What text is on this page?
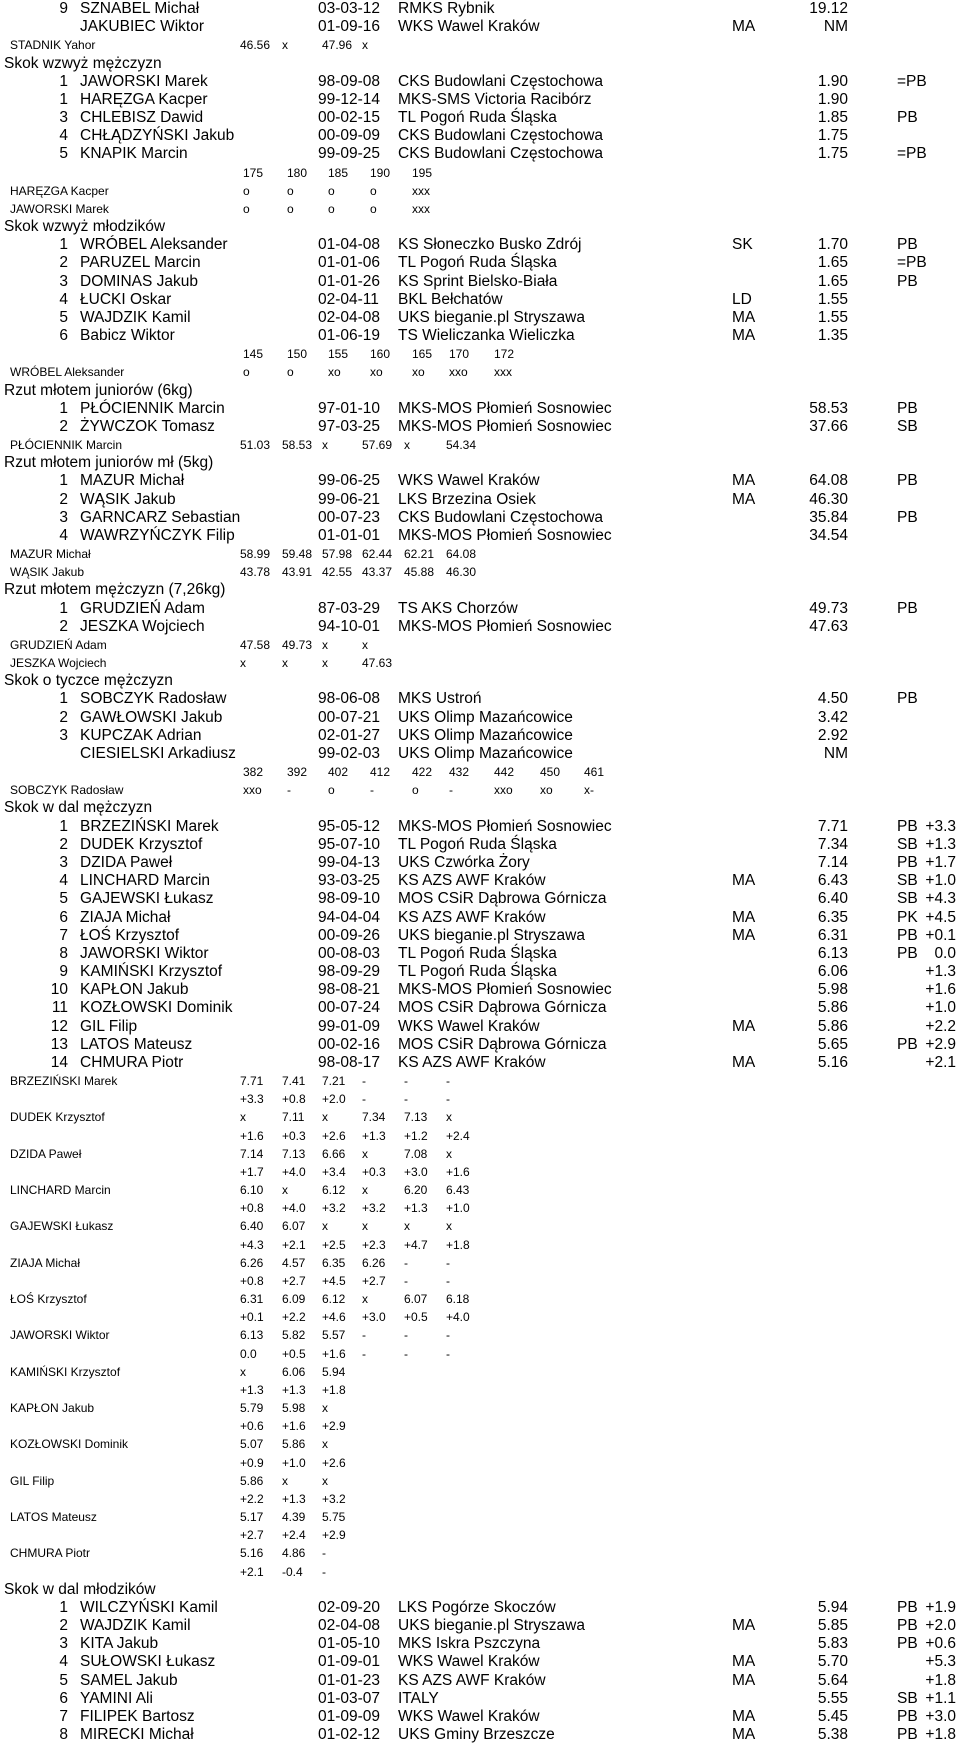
9 SZNABEL Michał	03-03-12 RMKS Rybnik	19.12
JAKUBIEC Wiktor	01-09-16 WKS Wawel Kraków	MA	NM
STADNIK Yahor	46.56 x	47.96 x
Skok wzwyż mężczyzn
1 JAWORSKI Marek	98-09-08 CKS Budowlani Częstochowa	1.90	=PB
1 HARĘZGA Kacper	99-12-14 MKS-SMS Victoria Racibórz	1.90
3 CHLEBISZ Dawid	00-02-15 TL Pogoń Ruda Śląska	1.85	PB
4 CHŁĄDZYŃSKI Jakub	00-09-09 CKS Budowlani Częstochowa	1.75
5 KNAPIK Marcin	99-09-25 CKS Budowlani Częstochowa	1.75	=PB
175 180 185 190 195
HARĘZGA Kacper	o	o	o	o	xxx
JAWORSKI Marek	o	o	o	o	xxx
Skok wzwyż młodzików
1 WRÓBEL Aleksander	01-04-08 KS Słoneczko Busko Zdrój	SK	1.70	PB
2 PARUZEL Marcin	01-01-06 TL Pogoń Ruda Śląska	1.65	=PB
3 DOMINAS Jakub	01-01-26 KS Sprint Bielsko-Biała	1.65	PB
4 ŁUCKI Oskar	02-04-11 BKL Bełchatów	LD	1.55
5 WAJDZIK Kamil	02-04-08 UKS bieganie.pl Stryszawa	MA	1.55
6 Babicz Wiktor	01-06-19 TS Wieliczanka Wieliczka	MA	1.35
145 150 155 160 165 170 172
WRÓBEL Aleksander	o	o	xo xo xo xxo xxx
Rzut młotem juniorów (6kg)
1 PŁÓCIENNIK Marcin	97-01-10 MKS-MOS Płomień Sosnowiec	58.53	PB
2 ŻYWCZOK Tomasz	97-03-25 MKS-MOS Płomień Sosnowiec	37.66	SB
PŁÓCIENNIK Marcin	51.03 58.53 x	57.69 x	54.34
Rzut młotem juniorów mł (5kg)
1 MAZUR Michał	99-06-25 WKS Wawel Kraków	MA	64.08	PB
2 WĄSIK Jakub	99-06-21 LKS Brzezina Osiek	MA	46.30
3 GARNCARZ Sebastian	00-07-23 CKS Budowlani Częstochowa	35.84	PB
4 WAWRZYŃCZYK Filip	01-01-01 MKS-MOS Płomień Sosnowiec	34.54
MAZUR Michał	58.99 59.48 57.98 62.44 62.21 64.08
WĄSIK Jakub	43.78 43.91 42.55 43.37 45.88 46.30
Rzut młotem mężczyzn (7,26kg)
1 GRUDZIEŃ Adam	87-03-29 TS AKS Chorzów	49.73	PB
2 JESZKA Wojciech	94-10-01 MKS-MOS Płomień Sosnowiec	47.63
GRUDZIEŃ Adam	47.58 49.73 x	x
JESZKA Wojciech	x	x	x	47.63
Skok o tyczce mężczyzn
1 SOBCZYK Radosław	98-06-08 MKS Ustroń	4.50	PB
2 GAWŁOWSKI Jakub	00-07-21 UKS Olimp Mazańcowice	3.42
3 KUPCZAK Adrian	02-01-27 UKS Olimp Mazańcowice	2.92
CIESIELSKI Arkadiusz	99-02-03 UKS Olimp Mazańcowice	NM
382 392 402 412 422 432 442 450 461
SOBCZYK Radosław	xxo -	o	-	o	-	xxo xo	x-
Skok w dal mężczyzn
1 BRZEZIŃSKI Marek	95-05-12 MKS-MOS Płomień Sosnowiec	7.71	PB +3.3
2 DUDEK Krzysztof	95-07-10 TL Pogoń Ruda Śląska	7.34	SB +1.3
3 DZIDA Paweł	99-04-13 UKS Czwórka Żory	7.14	PB +1.7
4 LINCHARD Marcin	93-03-25 KS AZS AWF Kraków	MA	6.43	SB +1.0
5 GAJEWSKI Łukasz	98-09-10 MOS CSiR Dąbrowa Górnicza	6.40	SB +4.3
6 ZIAJA Michał	94-04-04 KS AZS AWF Kraków	MA	6.35	PK +4.5
7 ŁOŚ Krzysztof	00-09-26 UKS bieganie.pl Stryszawa	MA	6.31	PB +0.1
8 JAWORSKI Wiktor	00-08-03 TL Pogoń Ruda Śląska	6.13	PB	0.0
9 KAMIŃSKI Krzysztof	98-09-29 TL Pogoń Ruda Śląska	6.06	+1.3
10 KAPŁON Jakub	98-08-21 MKS-MOS Płomień Sosnowiec	5.98	+1.6
11 KOZŁOWSKI Dominik	00-07-24 MOS CSiR Dąbrowa Górnicza	5.86	+1.0
12 GIL Filip	99-01-09 WKS Wawel Kraków	MA	5.86	+2.2
13 LATOS Mateusz	00-02-16 MOS CSiR Dąbrowa Górnicza	5.65	PB +2.9
14 CHMURA Piotr	98-08-17 KS AZS AWF Kraków	MA	5.16	+2.1
BRZEZIŃSKI Marek	7.71 7.41 7.21 -	-	-
+3.3 +0.8 +2.0 -	-	-
DUDEK Krzysztof	x	7.11 x	7.34 7.13 x
+1.6 +0.3 +2.6 +1.3 +1.2 +2.4
DZIDA Paweł	7.14 7.13 6.66 x	7.08 x
+1.7 +4.0 +3.4 +0.3 +3.0 +1.6
LINCHARD Marcin	6.10 x	6.12 x	6.20 6.43
+0.8 +4.0 +3.2 +3.2 +1.3 +1.0
GAJEWSKI Łukasz	6.40 6.07 x	x	x	x
+4.3 +2.1 +2.5 +2.3 +4.7 +1.8
ZIAJA Michał	6.26 4.57 6.35 6.26 -	-
+0.8 +2.7 +4.5 +2.7 -	-
ŁOŚ Krzysztof	6.31 6.09 6.12 x	6.07 6.18
+0.1 +2.2 +4.6 +3.0 +0.5 +4.0
JAWORSKI Wiktor	6.13 5.82 5.57 -	-	-
0.0 +0.5 +1.6 -	-	-
KAMIŃSKI Krzysztof	x	6.06 5.94
+1.3 +1.3 +1.8
KAPŁON Jakub	5.79 5.98 x
+0.6 +1.6 +2.9
KOZŁOWSKI Dominik	5.07 5.86 x
+0.9 +1.0 +2.6
GIL Filip	5.86 x	x
+2.2 +1.3 +3.2
LATOS Mateusz	5.17 4.39 5.75
+2.7 +2.4 +2.9
CHMURA Piotr	5.16 4.86 -
+2.1 -0.4 -
Skok w dal młodzików
1 WILCZYŃSKI Kamil	02-09-20 LKS Pogórze Skoczów	5.94	PB +1.9
2 WAJDZIK Kamil	02-04-08 UKS bieganie.pl Stryszawa	MA	5.85	PB +2.0
3 KITA Jakub	01-05-10 MKS Iskra Pszczyna	5.83	PB +0.6
4 SUŁOWSKI Łukasz	01-09-01 WKS Wawel Kraków	MA	5.70	+5.3
5 SAMEL Jakub	01-01-23 KS AZS AWF Kraków	MA	5.64	+1.8
6 YAMINI Ali	01-03-07 ITALY	5.55	SB +1.1
7 FILIPEK Bartosz	01-09-09 WKS Wawel Kraków	MA	5.45	PB +3.0
8 MIRECKI Michał	01-02-12 UKS Gminy Brzeszcze	MA	5.38	PB +1.8
